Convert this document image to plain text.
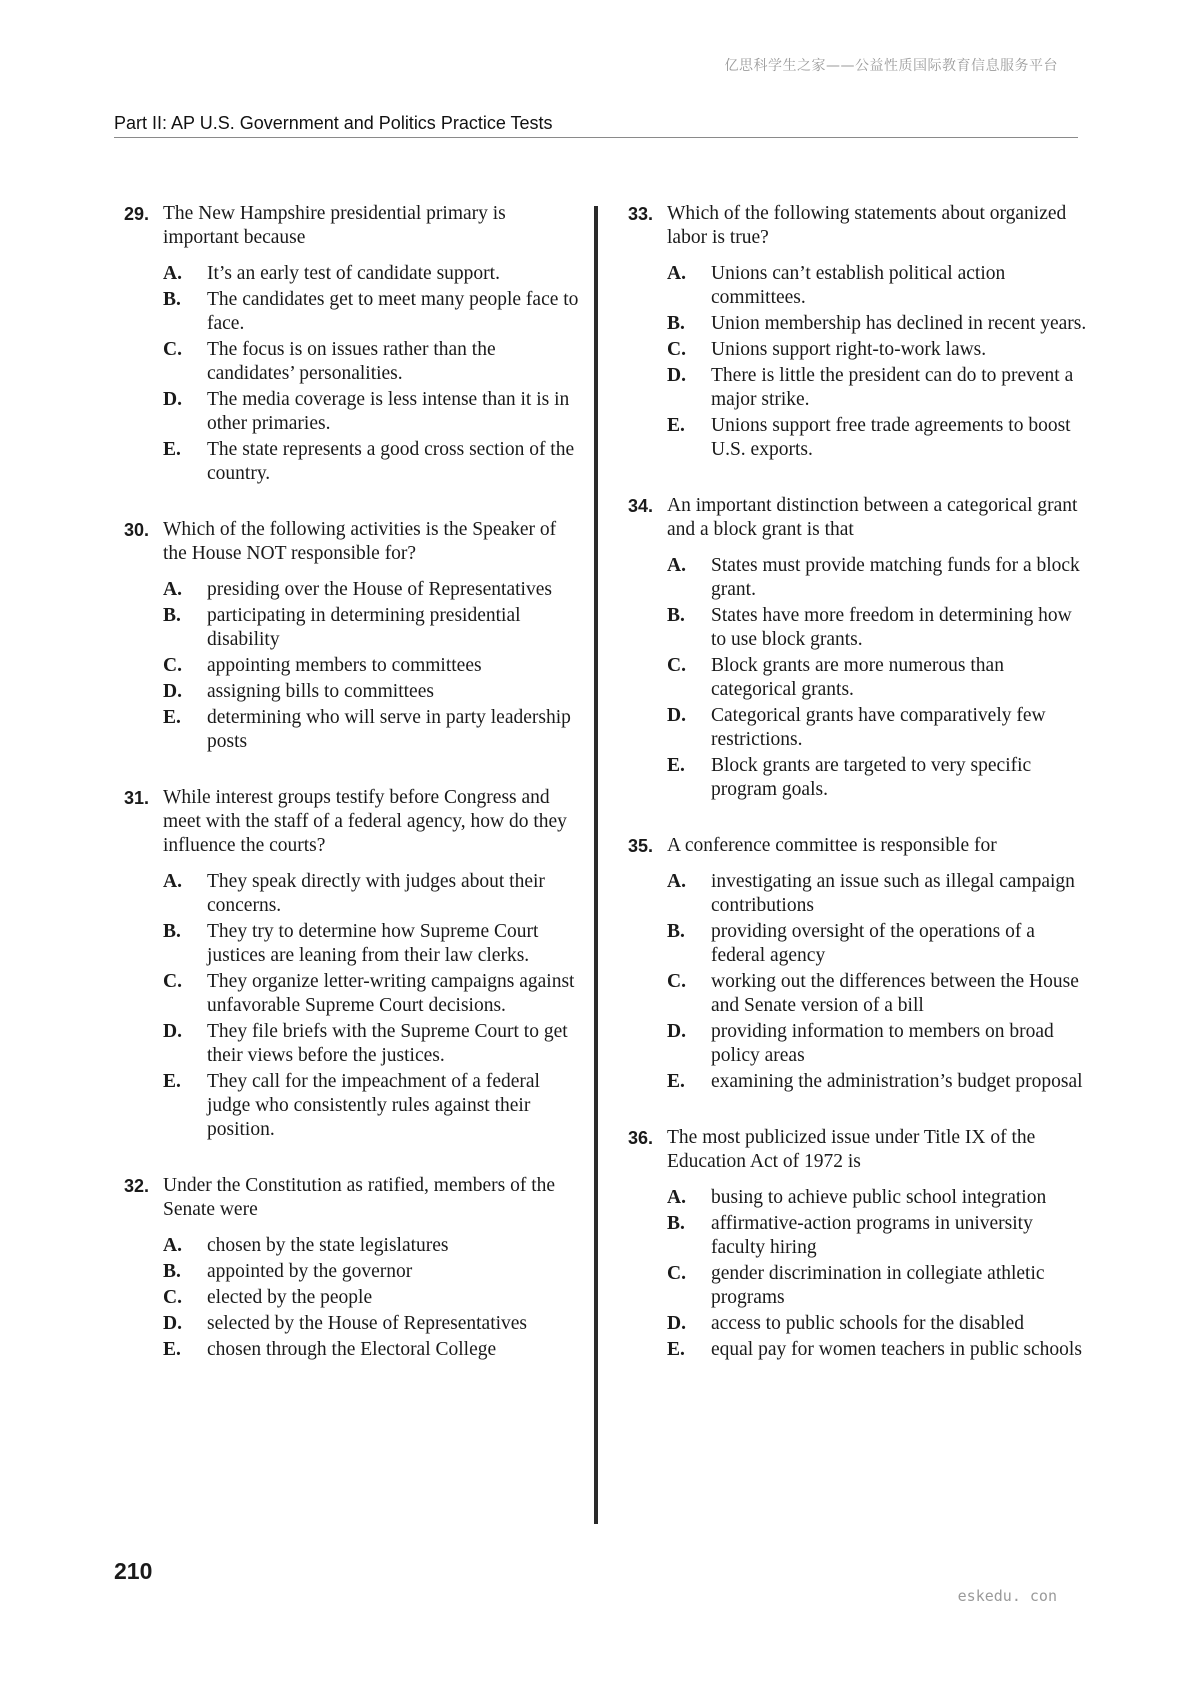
亿思科学生之家——公益性质国际教育信息服务平台
Part II: AP U.S. Government and Politics Practice Tests
29. The New Hampshire presidential primary is important because
A.	It’s an early test of candidate support.
B.	The candidates get to meet many people face to face.
C.	The focus is on issues rather than the candidates’ personalities.
D.	The media coverage is less intense than it is in other primaries.
E.	The state represents a good cross section of the country.
30. Which of the following activities is the Speaker of the House NOT responsible for?
A.	presiding over the House of Representatives
B.	participating in determining presidential disability
C.	appointing members to committees
D.	assigning bills to committees
E.	determining who will serve in party leadership posts
31. While interest groups testify before Congress and meet with the staff of a federal agency, how do they influence the courts?
A.	They speak directly with judges about their concerns.
B.	They try to determine how Supreme Court justices are leaning from their law clerks.
C.	They organize letter-writing campaigns against unfavorable Supreme Court decisions.
D.	They file briefs with the Supreme Court to get their views before the justices.
E.	They call for the impeachment of a federal judge who consistently rules against their position.
32. Under the Constitution as ratified, members of the Senate were
A.	chosen by the state legislatures
B.	appointed by the governor
C.	elected by the people
D.	selected by the House of Representatives
E.	chosen through the Electoral College
33. Which of the following statements about organized labor is true?
A.	Unions can’t establish political action committees.
B.	Union membership has declined in recent years.
C.	Unions support right-to-work laws.
D.	There is little the president can do to prevent a major strike.
E.	Unions support free trade agreements to boost U.S. exports.
34. An important distinction between a categorical grant and a block grant is that
A.	States must provide matching funds for a block grant.
B.	States have more freedom in determining how to use block grants.
C.	Block grants are more numerous than categorical grants.
D.	Categorical grants have comparatively few restrictions.
E.	Block grants are targeted to very specific program goals.
35. A conference committee is responsible for
A.	investigating an issue such as illegal campaign contributions
B.	providing oversight of the operations of a federal agency
C.	working out the differences between the House and Senate version of a bill
D.	providing information to members on broad policy areas
E.	examining the administration’s budget proposal
36. The most publicized issue under Title IX of the Education Act of 1972 is
A.	busing to achieve public school integration
B.	affirmative-action programs in university faculty hiring
C.	gender discrimination in collegiate athletic programs
D.	access to public schools for the disabled
E.	equal pay for women teachers in public schools
210
eskedu. con
